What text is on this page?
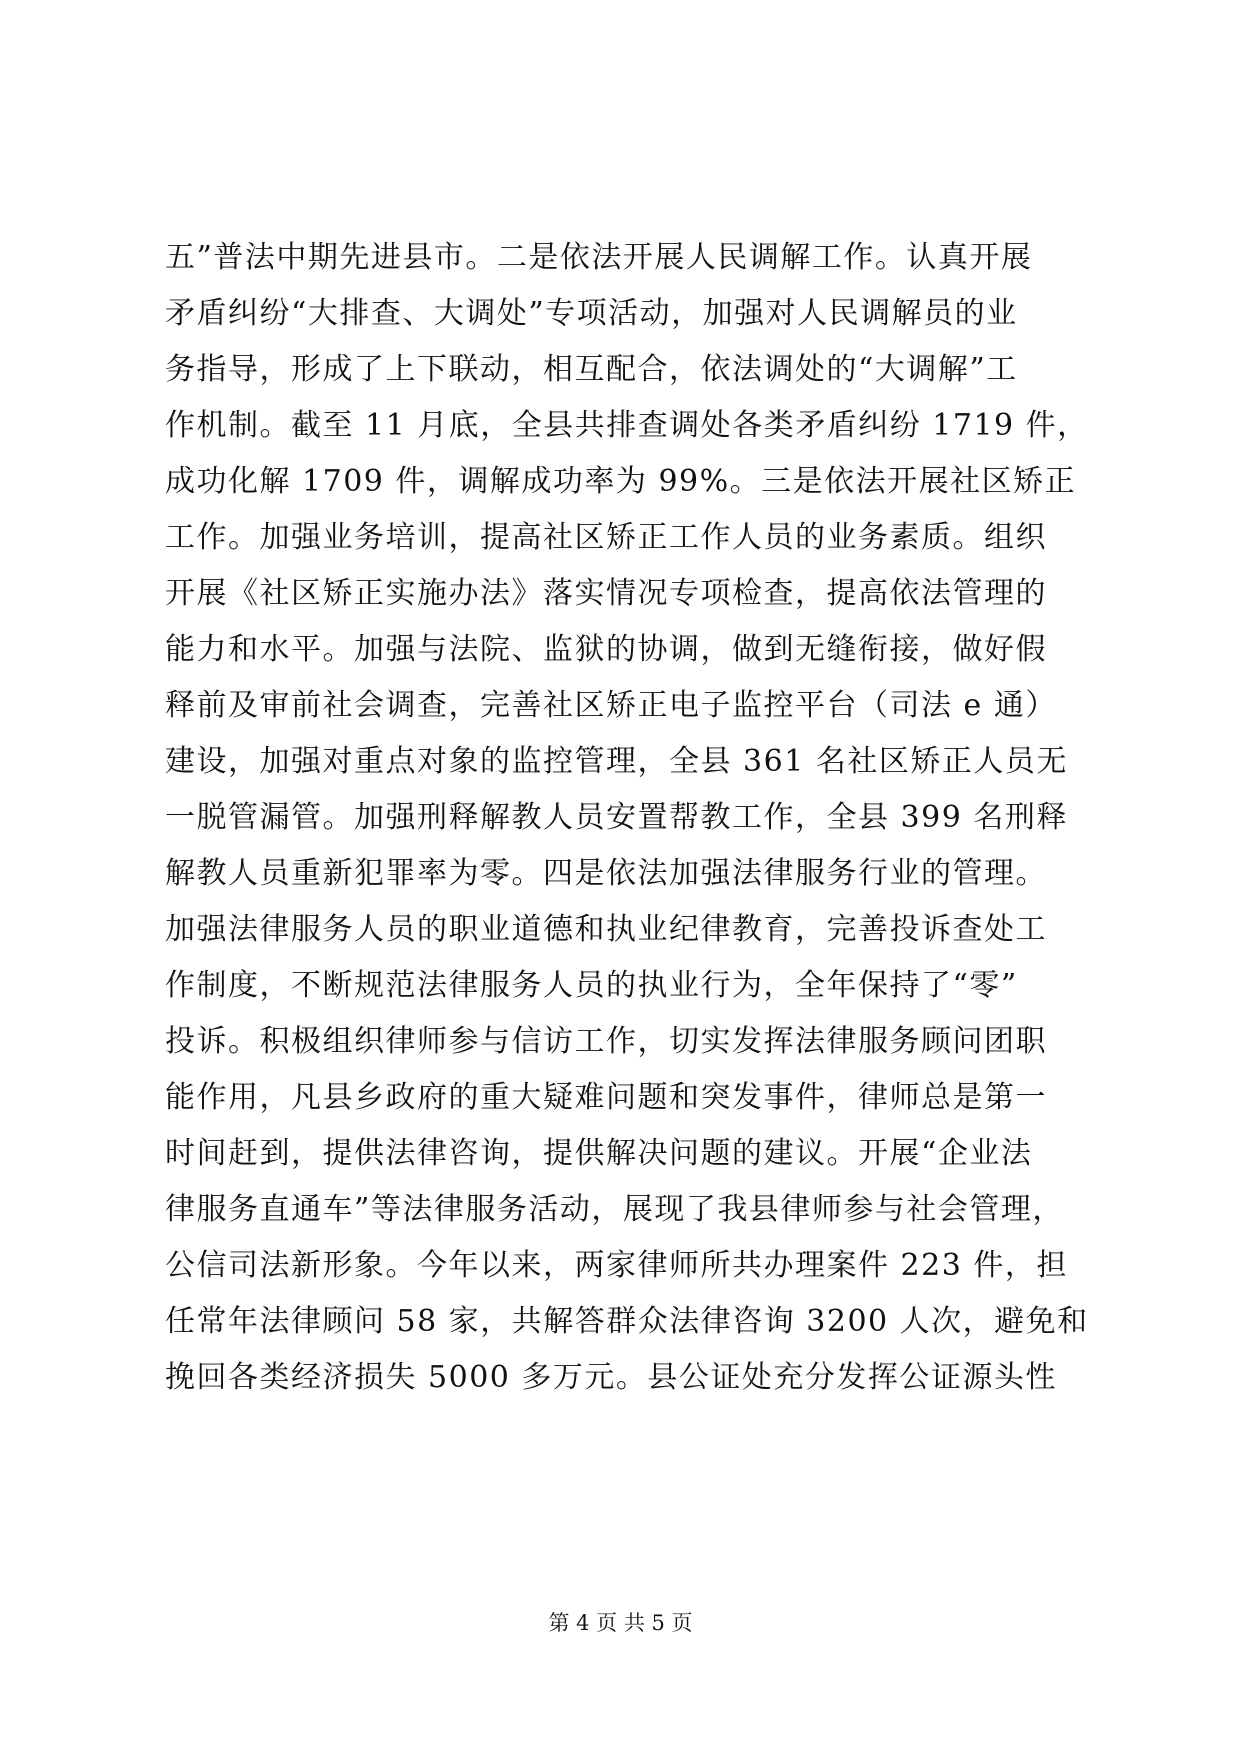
五”普法中期先进县市。二是依法开展人民调解工作。认真开展
矛盾纠纷“大排查、大调处”专项活动，加强对人民调解员的业
务指导，形成了上下联动，相互配合，依法调处的“大调解”工
作机制。截至 11 月底，全县共排查调处各类矛盾纠纷 1719 件，
成功化解 1709 件，调解成功率为 99%。三是依法开展社区矫正
工作。加强业务培训，提高社区矫正工作人员的业务素质。组织
开展《社区矫正实施办法》落实情况专项检查，提高依法管理的
能力和水平。加强与法院、监狱的协调，做到无缝衔接，做好假
释前及审前社会调查，完善社区矫正电子监控平台（司法 e 通）
建设，加强对重点对象的监控管理，全县 361 名社区矫正人员无
一脱管漏管。加强刑释解教人员安置帮教工作，全县 399 名刑释
解教人员重新犯罪率为零。四是依法加强法律服务行业的管理。
加强法律服务人员的职业道德和执业纪律教育，完善投诉查处工
作制度，不断规范法律服务人员的执业行为，全年保持了“零”
投诉。积极组织律师参与信访工作，切实发挥法律服务顾问团职
能作用，凡县乡政府的重大疑难问题和突发事件，律师总是第一
时间赶到，提供法律咨询，提供解决问题的建议。开展“企业法
律服务直通车”等法律服务活动，展现了我县律师参与社会管理，
公信司法新形象。今年以来，两家律师所共办理案件 223 件，担
任常年法律顾问 58 家，共解答群众法律咨询 3200 人次，避免和
挽回各类经济损失 5000 多万元。县公证处充分发挥公证源头性
第 4 页 共 5 页
